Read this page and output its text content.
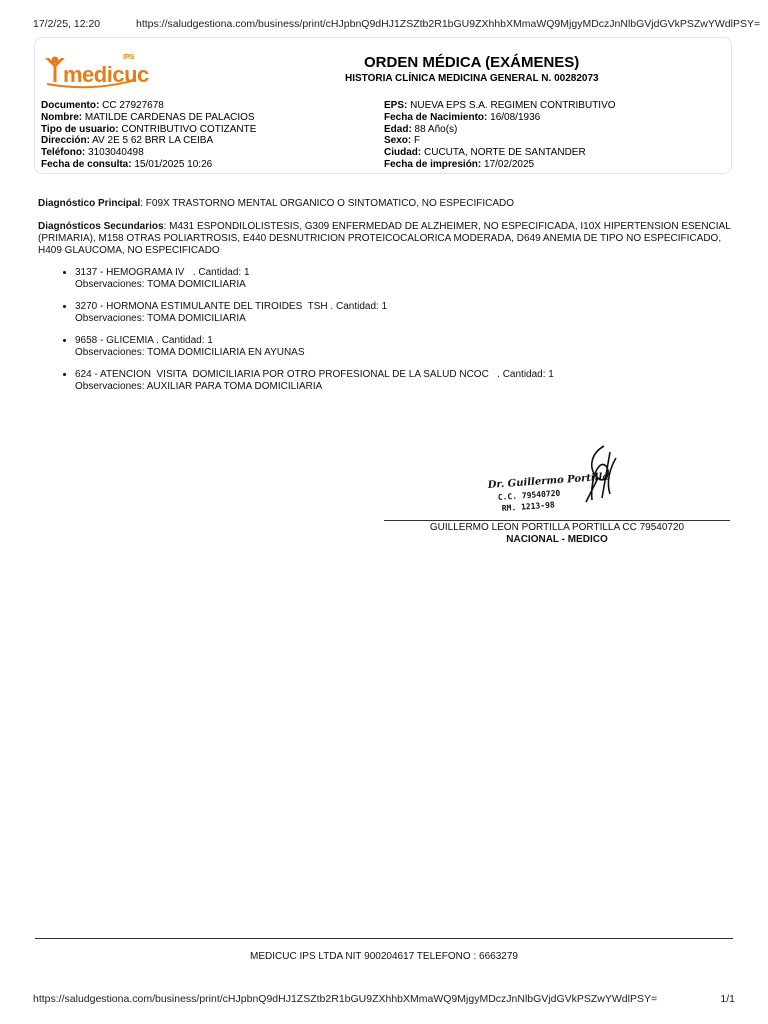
17/2/25, 12:20	https://saludgestiona.com/business/print/cHJpbnQ9dHJ1ZSZtb2R1bGU9ZXhhbXMmaWQ9MjgyMDczJnNlbGVjdGVkPSZwYWdlPSY=
medicuc
IPS	ORDEN MÉDICA (EXÁMENES)
HISTORIA CLÍNICA MEDICINA GENERAL N. 00282073
Documento: CC 27927678
Nombre: MATILDE CARDENAS DE PALACIOS
Tipo de usuario: CONTRIBUTIVO COTIZANTE
Dirección: AV 2E 5 62 BRR LA CEIBA
Teléfono: 3103040498
Fecha de consulta: 15/01/2025 10:26
EPS: NUEVA EPS S.A. REGIMEN CONTRIBUTIVO
Fecha de Nacimiento: 16/08/1936
Edad: 88 Año(s)
Sexo: F
Ciudad: CUCUTA, NORTE DE SANTANDER
Fecha de impresión: 17/02/2025
Diagnóstico Principal: F09X TRASTORNO MENTAL ORGANICO O SINTOMATICO, NO ESPECIFICADO
Diagnósticos Secundarios: M431 ESPONDILOLISTESIS, G309 ENFERMEDAD DE ALZHEIMER, NO ESPECIFICADA, I10X HIPERTENSION ESENCIAL (PRIMARIA), M158 OTRAS POLIARTROSIS, E440 DESNUTRICION PROTEICOCALORICA MODERADA, D649 ANEMIA DE TIPO NO ESPECIFICADO, H409 GLAUCOMA, NO ESPECIFICADO
• 3137 - HEMOGRAMA IV   . Cantidad: 1
Observaciones: TOMA DOMICILIARIA
• 3270 - HORMONA ESTIMULANTE DEL TIROIDES  TSH . Cantidad: 1
Observaciones: TOMA DOMICILIARIA
• 9658 - GLICEMIA . Cantidad: 1
Observaciones: TOMA DOMICILIARIA EN AYUNAS
• 624 - ATENCION  VISITA  DOMICILIARIA POR OTRO PROFESIONAL DE LA SALUD NCOC   . Cantidad: 1
Observaciones: AUXILIAR PARA TOMA DOMICILIARIA
Dr. Guillermo Portilla
C.C. 79540720
RM. 1213-98
GUILLERMO LEON PORTILLA PORTILLA CC 79540720
NACIONAL - MEDICO
MEDICUC IPS LTDA NIT 900204617 TELEFONO : 6663279
https://saludgestiona.com/business/print/cHJpbnQ9dHJ1ZSZtb2R1bGU9ZXhhbXMmaWQ9MjgyMDczJnNlbGVjdGVkPSZwYWdlPSY=	1/1
